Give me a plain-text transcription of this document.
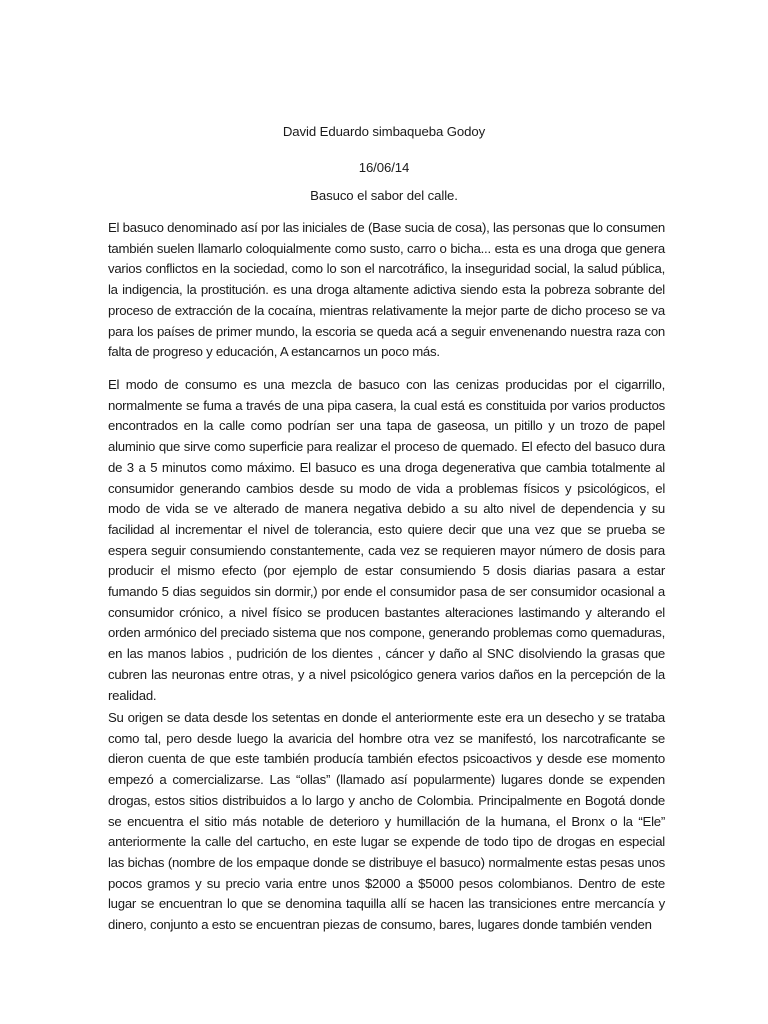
David Eduardo simbaqueba Godoy
16/06/14
Basuco el sabor del calle.

El basuco denominado así por las iniciales de (Base sucia de cosa), las personas que lo consumen también suelen llamarlo coloquialmente como susto, carro o bicha... esta es una droga que genera varios conflictos en la sociedad, como lo son el narcotráfico, la inseguridad social, la salud pública, la indigencia, la prostitución. es una droga altamente adictiva siendo esta la pobreza sobrante del proceso de extracción de la cocaína, mientras relativamente la mejor parte de dicho proceso se va para los países de primer mundo, la escoria se queda acá a seguir envenenando nuestra raza con falta de progreso y educación, A estancarnos un poco más.

El modo de consumo es una mezcla de basuco con las cenizas producidas por el cigarrillo, normalmente se fuma a través de una pipa casera, la cual está es constituida por varios productos encontrados en la calle como podrían ser una tapa de gaseosa, un pitillo y un trozo de papel aluminio que sirve como superficie para realizar el proceso de quemado. El efecto del basuco dura de 3 a 5 minutos como máximo. El basuco es una droga degenerativa que cambia totalmente al consumidor generando cambios desde su modo de vida a problemas físicos y psicológicos, el modo de vida se ve alterado de manera negativa debido a su alto nivel de dependencia y su facilidad al incrementar el nivel de tolerancia, esto quiere decir que una vez que se prueba se espera seguir consumiendo constantemente, cada vez se requieren mayor número de dosis para producir el mismo efecto (por ejemplo de estar consumiendo 5 dosis diarias pasara a estar fumando 5 dias seguidos sin dormir,) por ende el consumidor pasa de ser consumidor ocasional a consumidor crónico, a nivel físico se producen bastantes alteraciones lastimando y alterando el orden armónico del preciado sistema que nos compone, generando problemas como quemaduras, en las manos labios , pudrición de los dientes , cáncer y daño al SNC disolviendo la grasas que cubren las neuronas entre otras, y a nivel psicológico genera varios daños en la percepción de la realidad.

Su origen se data desde los setentas en donde el anteriormente este era un desecho y se trataba como tal, pero desde luego la avaricia del hombre otra vez se manifestó, los narcotraficante se dieron cuenta de que este también producía también efectos psicoactivos y desde ese momento empezó a comercializarse. Las “ollas” (llamado así popularmente) lugares donde se expenden drogas, estos sitios distribuidos a lo largo y ancho de Colombia. Principalmente en Bogotá donde se encuentra el sitio más notable de deterioro y humillación de la humana, el Bronx o la “Ele” anteriormente la calle del cartucho, en este lugar se expende de todo tipo de drogas en especial las bichas (nombre de los empaque donde se distribuye el basuco) normalmente estas pesas unos pocos gramos y su precio varia entre unos $2000 a $5000 pesos colombianos. Dentro de este lugar se encuentran lo que se denomina taquilla allí se hacen las transiciones entre mercancía y dinero, conjunto a esto se encuentran piezas de consumo, bares, lugares donde también venden
